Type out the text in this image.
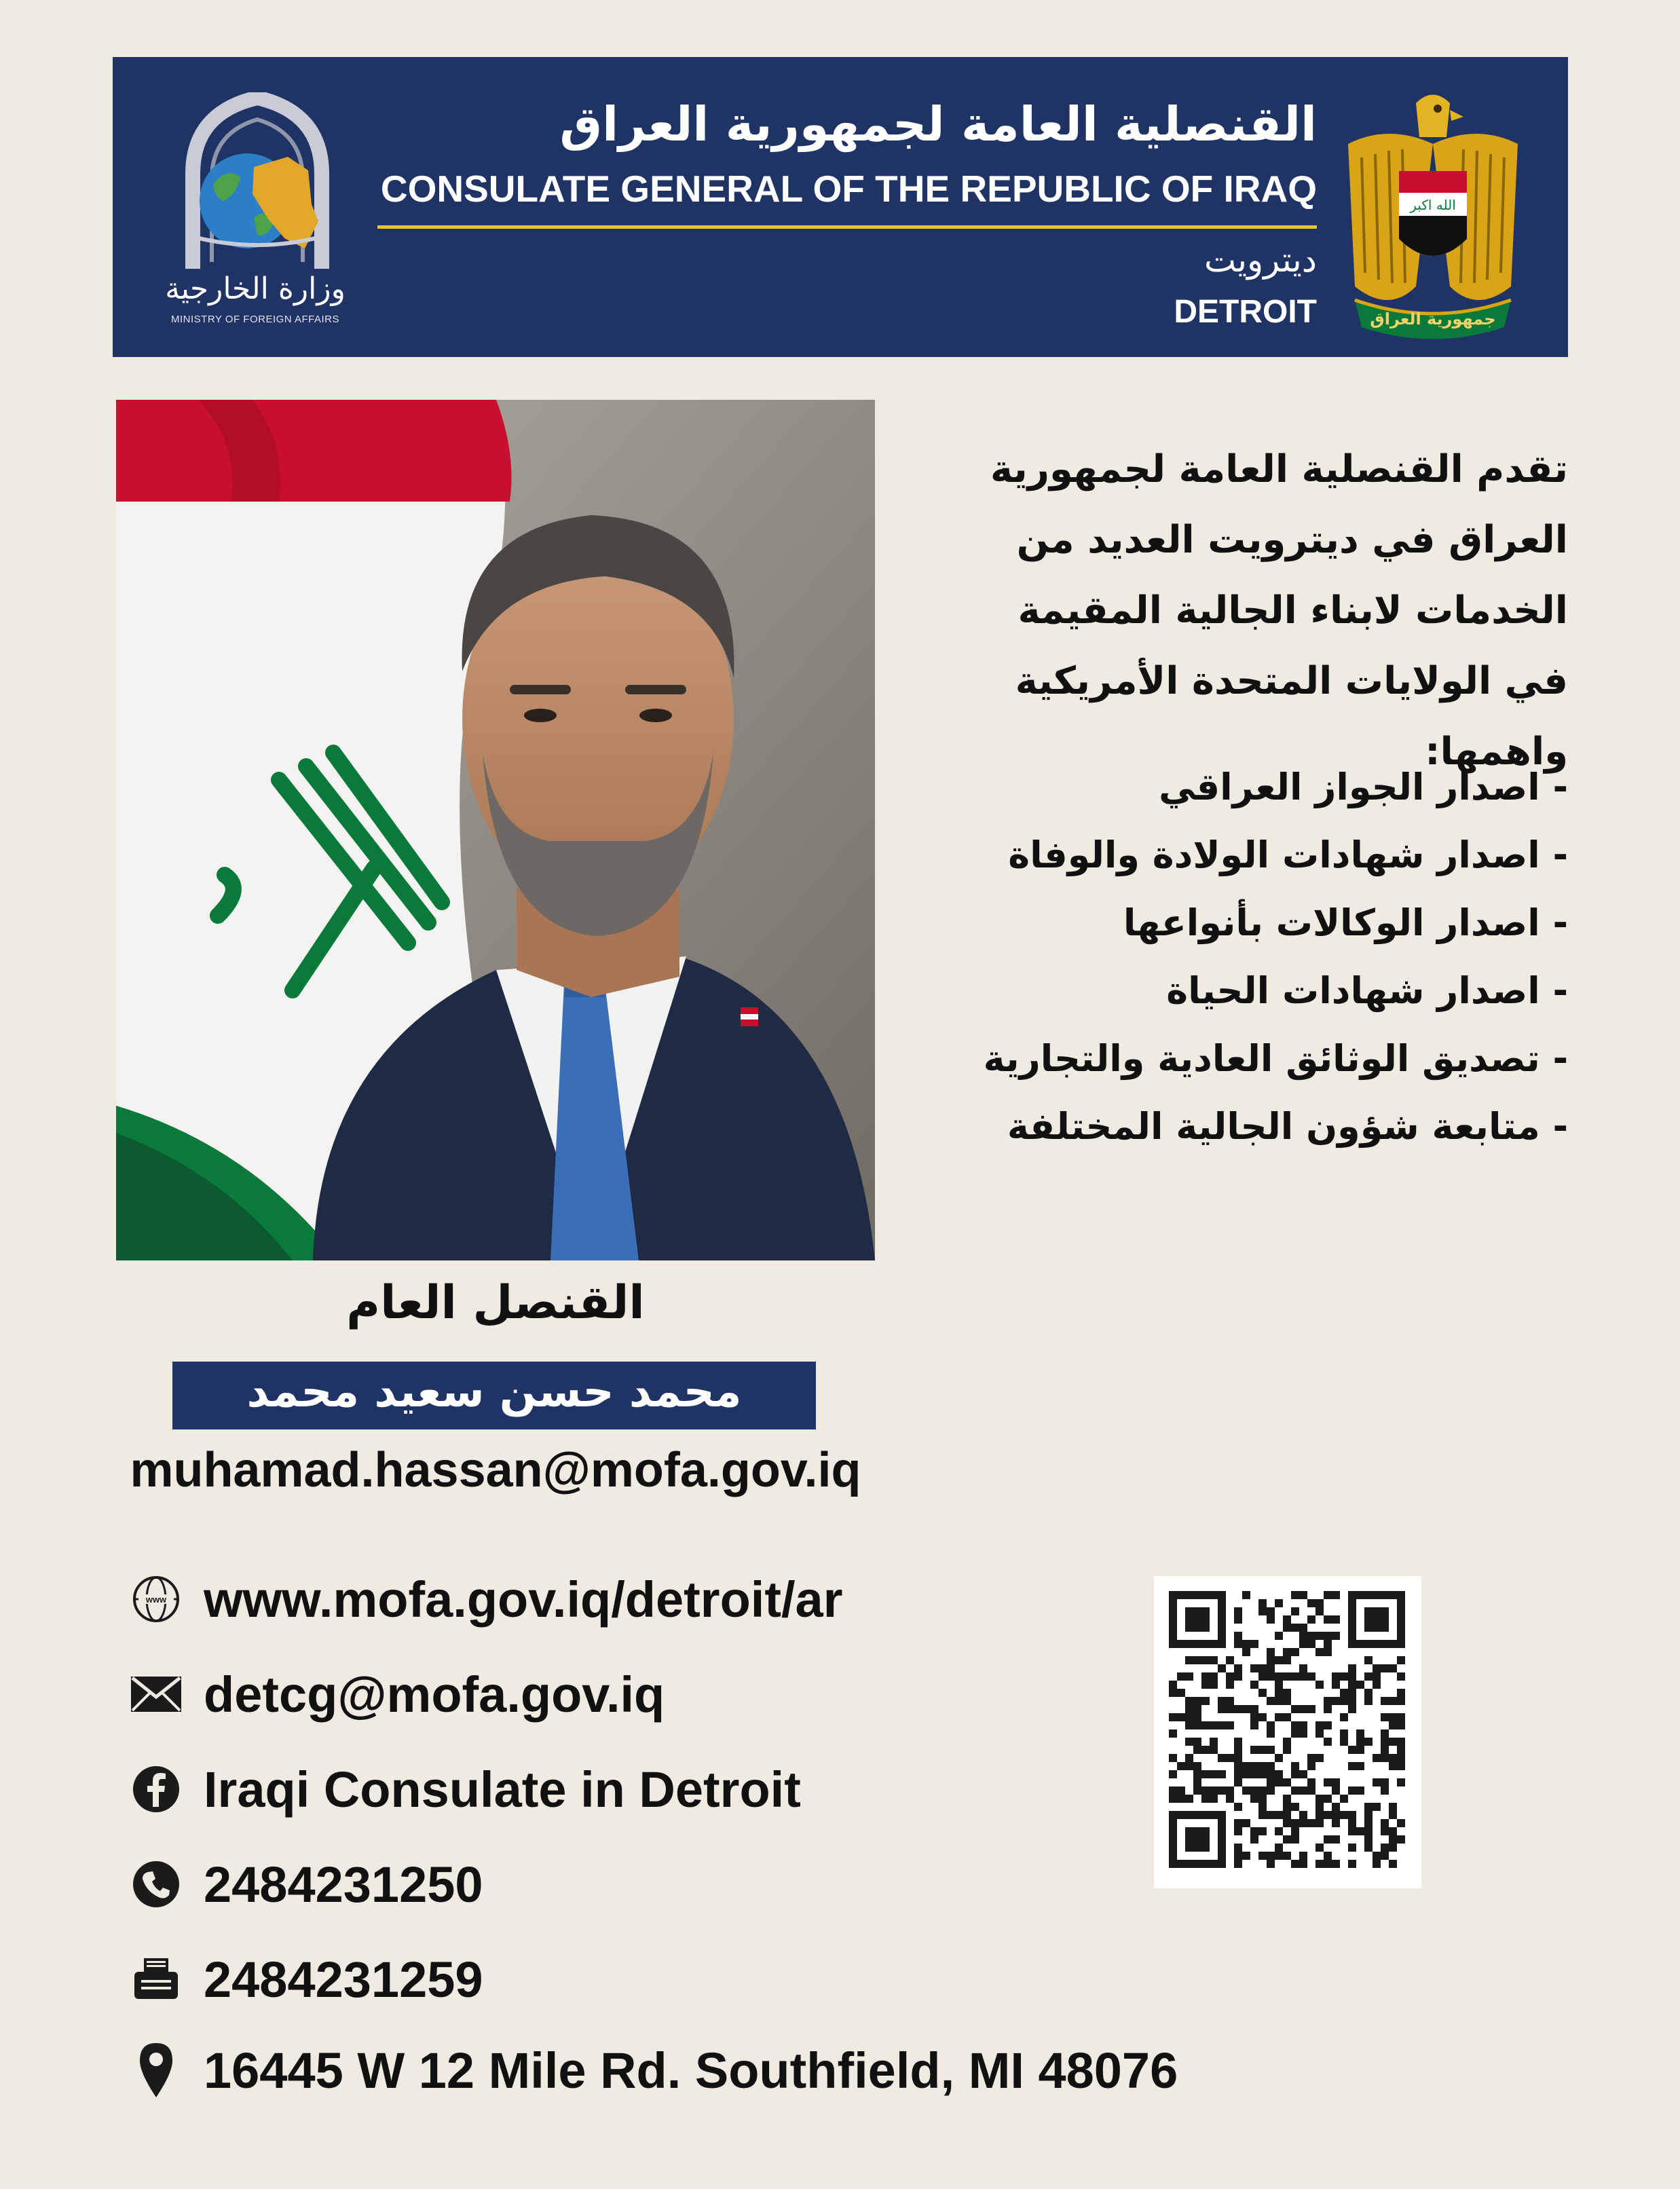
وزارة الخارجية
MINISTRY OF FOREIGN AFFAIRS
القنصلية العامة لجمهورية العراق
CONSULATE GENERAL OF THE REPUBLIC OF IRAQ
ديترويت
DETROIT
الله اكبر
جمهورية العراق
تقدم القنصلية العامة لجمهورية
العراق في ديترويت العديد من
الخدمات لابناء الجالية المقيمة
في الولايات المتحدة الأمريكية واهمها:
- اصدار الجواز العراقي
- اصدار شهادات الولادة والوفاة
- اصدار الوكالات بأنواعها
- اصدار شهادات الحياة
- تصديق الوثائق العادية والتجارية
- متابعة شؤون الجالية المختلفة
القنصل العام
محمد حسن سعيد محمد
muhamad.hassan@mofa.gov.iq
www www.mofa.gov.iq/detroit/ar
detcg@mofa.gov.iq
Iraqi Consulate in Detroit
2484231250
2484231259
16445 W 12 Mile Rd. Southfield, MI 48076
